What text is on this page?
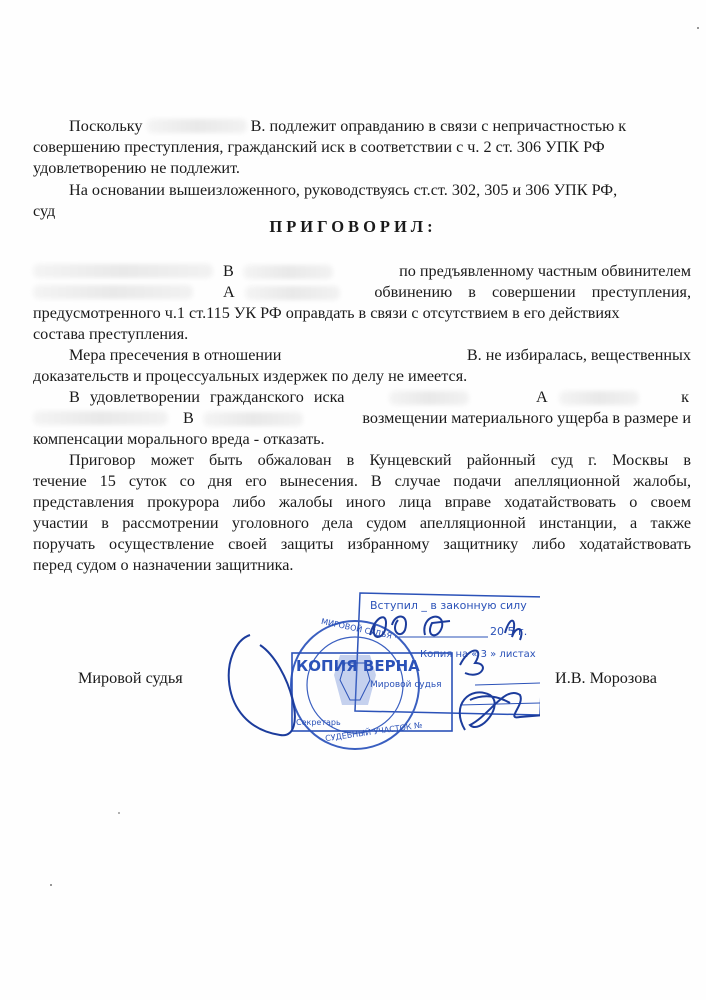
Поскольку	В. подлежит оправданию в связи с непричастностью к
совершению преступления, гражданский иск в соответствии с ч. 2 ст. 306 УПК РФ
удовлетворению не подлежит.
На основании вышеизложенного, руководствуясь ст.ст. 302, 305 и 306 УПК РФ,
суд
ПРИГОВОРИЛ:
В	по предъявленному частным обвинителем
А	обвинению в совершении преступления,
предусмотренного ч.1 ст.115 УК РФ оправдать в связи с отсутствием в его действиях
состава преступления.
Мера пресечения в отношении	В. не избиралась, вещественных
доказательств и процессуальных издержек по делу не имеется.
В удовлетворении гражданского иска	А	к
В	возмещении материального ущерба в размере и
компенсации морального вреда - отказать.
Приговор может быть обжалован в Кунцевский районный суд г. Москвы в
течение 15 суток со дня его вынесения. В случае подачи апелляционной жалобы,
представления прокурора либо жалобы иного лица вправе ходатайствовать о своем
участии в рассмотрении уголовного дела судом апелляционной инстанции, а также
поручать осуществление своей защиты избранному защитнику либо ходатайствовать
перед судом о назначении защитника.
Мировой судья	И.В. Морозова
Вступил _ в законную силу
20 5 г.
Копия на « 3 » листах
СУДЕБНЫЙ УЧАСТОК №
МИРОВОЙ СУДЬЯ
КОПИЯ ВЕРНА
Мировой судья
Секретарь
